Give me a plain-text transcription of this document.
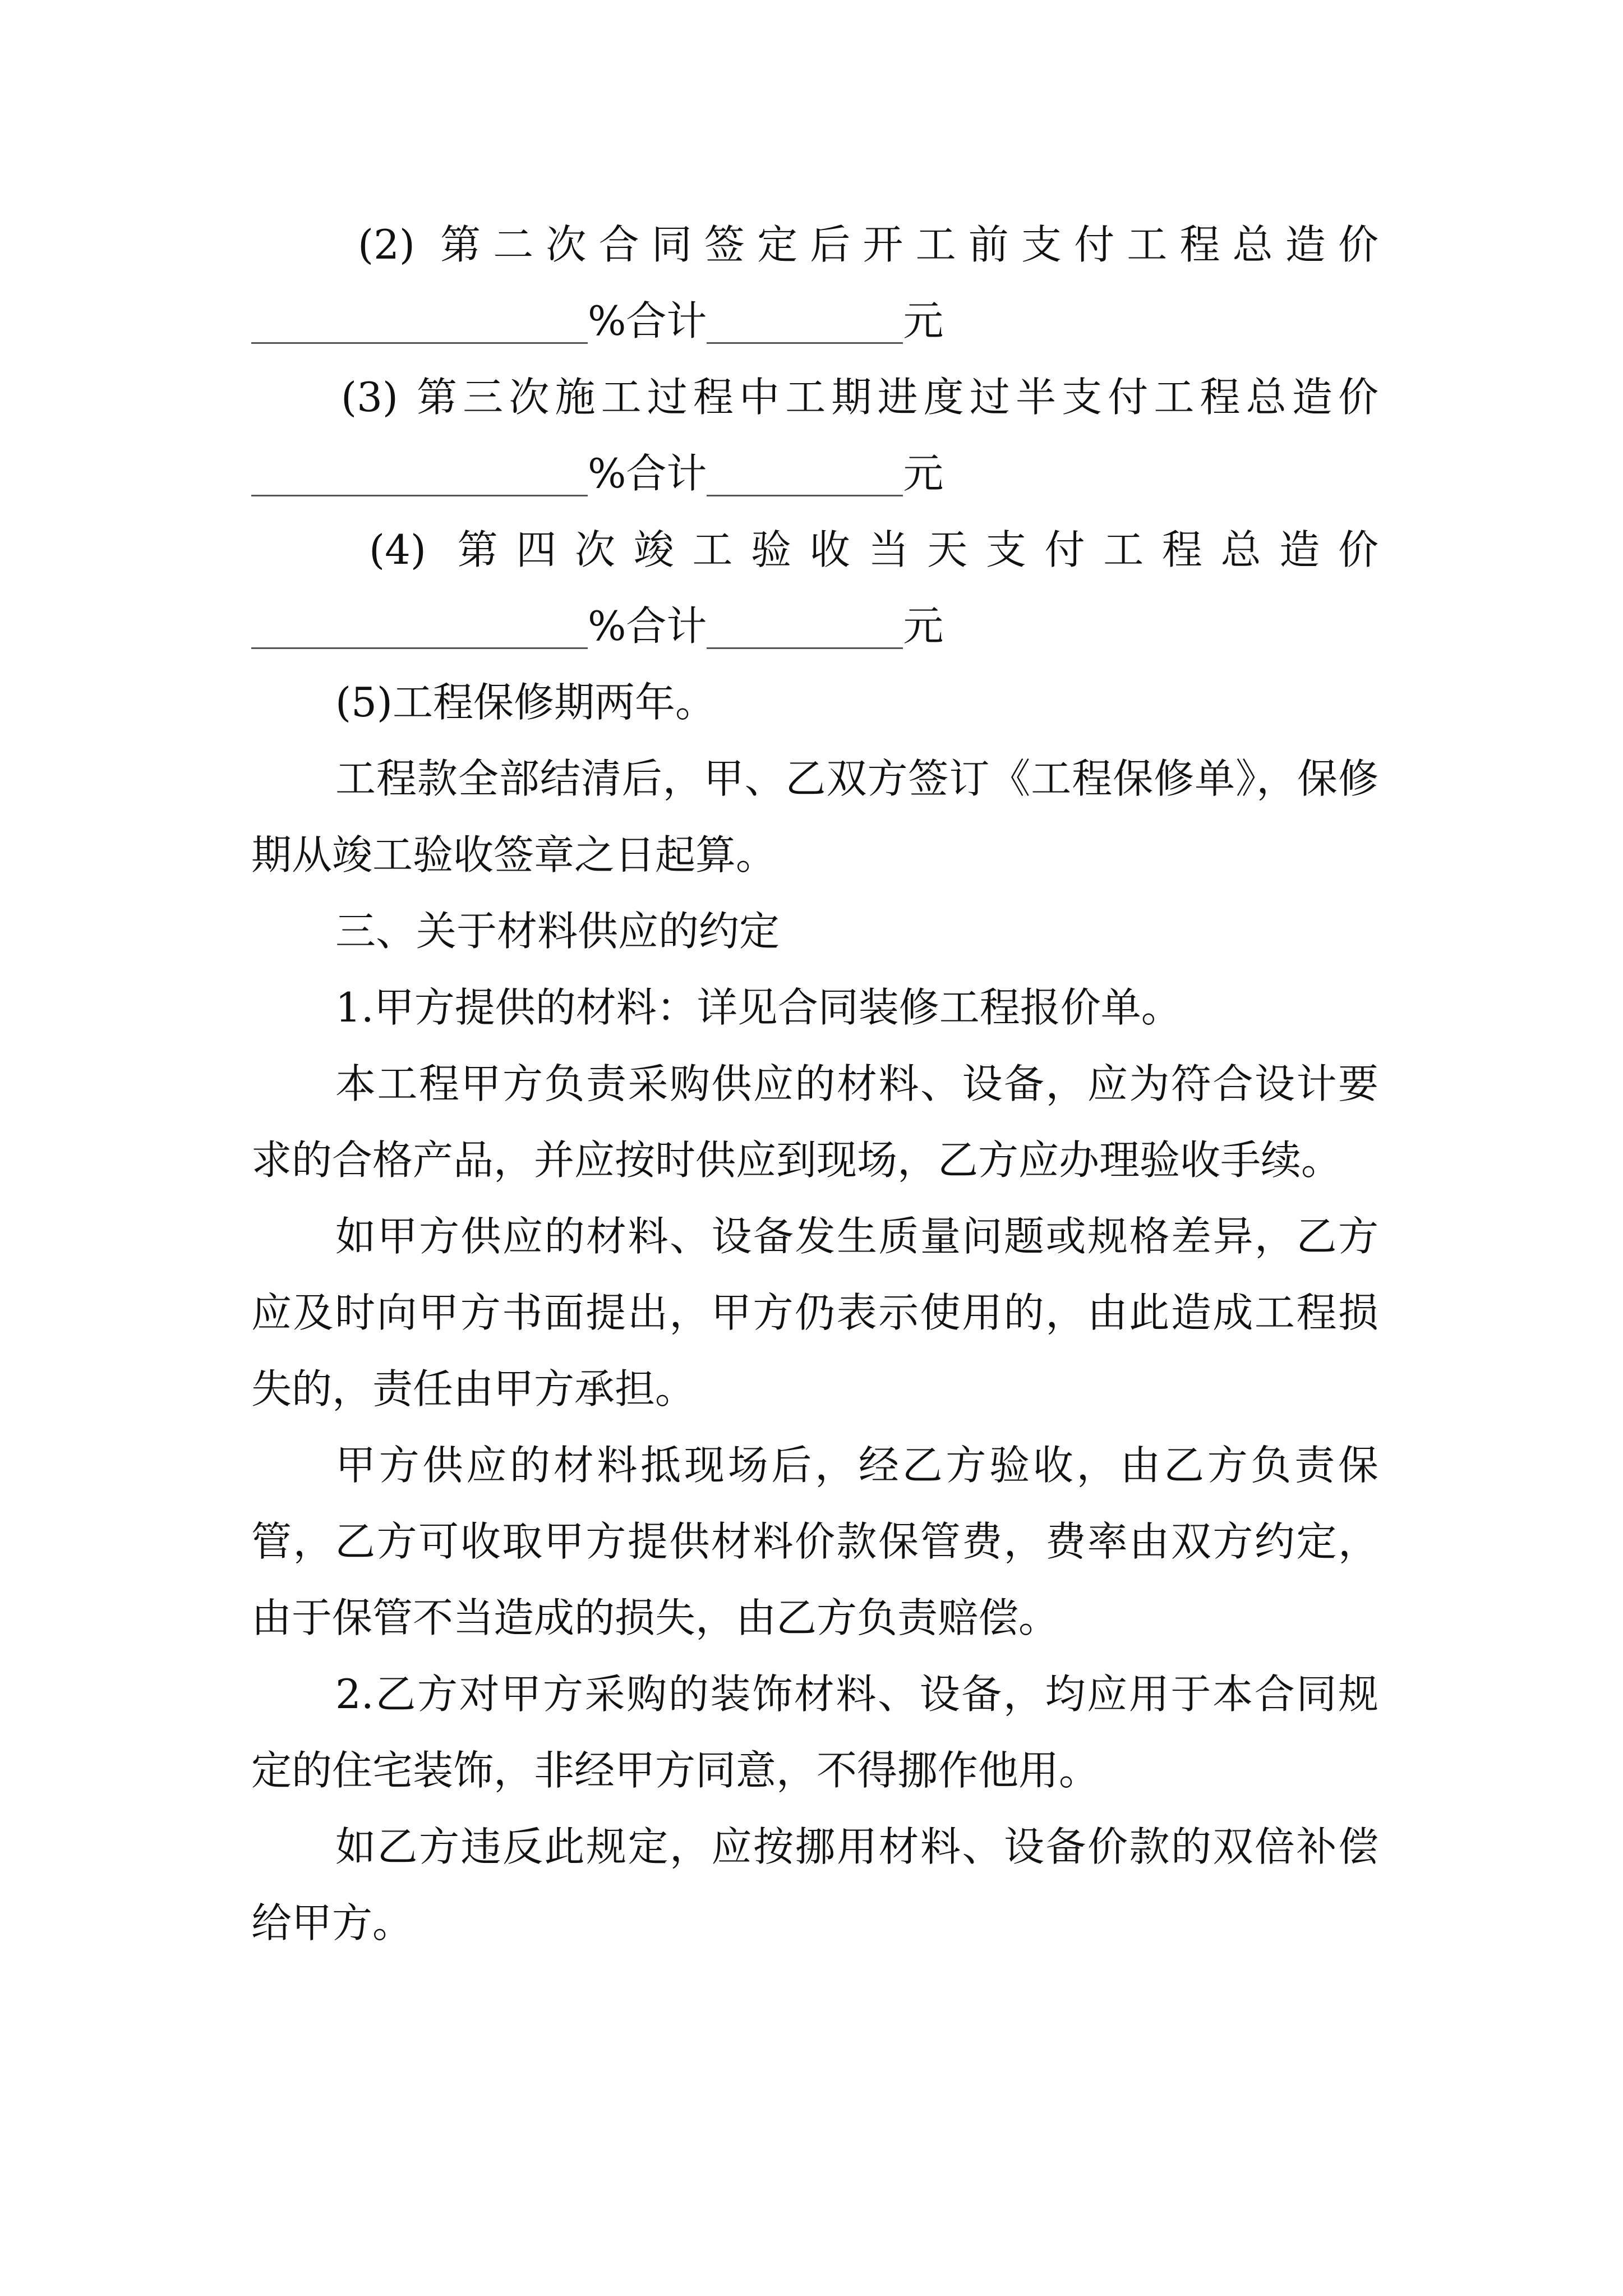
(2) 第二次合同签定后开工前支付工程总造价
%合计	元
(3) 第三次施工过程中工期进度过半支付工程总造价
%合计	元
(4) 第四次竣工验收当天支付工程总造价
%合计	元

(5)工程保修期两年。

工程款全部结清后，甲、乙双方签订《工程保修单》，保修期从竣工验收签章之日起算。

三、关于材料供应的约定

1.甲方提供的材料：详见合同装修工程报价单。

本工程甲方负责采购供应的材料、设备，应为符合设计要求的合格产品，并应按时供应到现场，乙方应办理验收手续。

如甲方供应的材料、设备发生质量问题或规格差异，乙方应及时向甲方书面提出，甲方仍表示使用的，由此造成工程损失的，责任由甲方承担。

甲方供应的材料抵现场后，经乙方验收，由乙方负责保管，乙方可收取甲方提供材料价款保管费，费率由双方约定，由于保管不当造成的损失，由乙方负责赔偿。

2.乙方对甲方采购的装饰材料、设备，均应用于本合同规定的住宅装饰，非经甲方同意，不得挪作他用。

如乙方违反此规定，应按挪用材料、设备价款的双倍补偿给甲方。
